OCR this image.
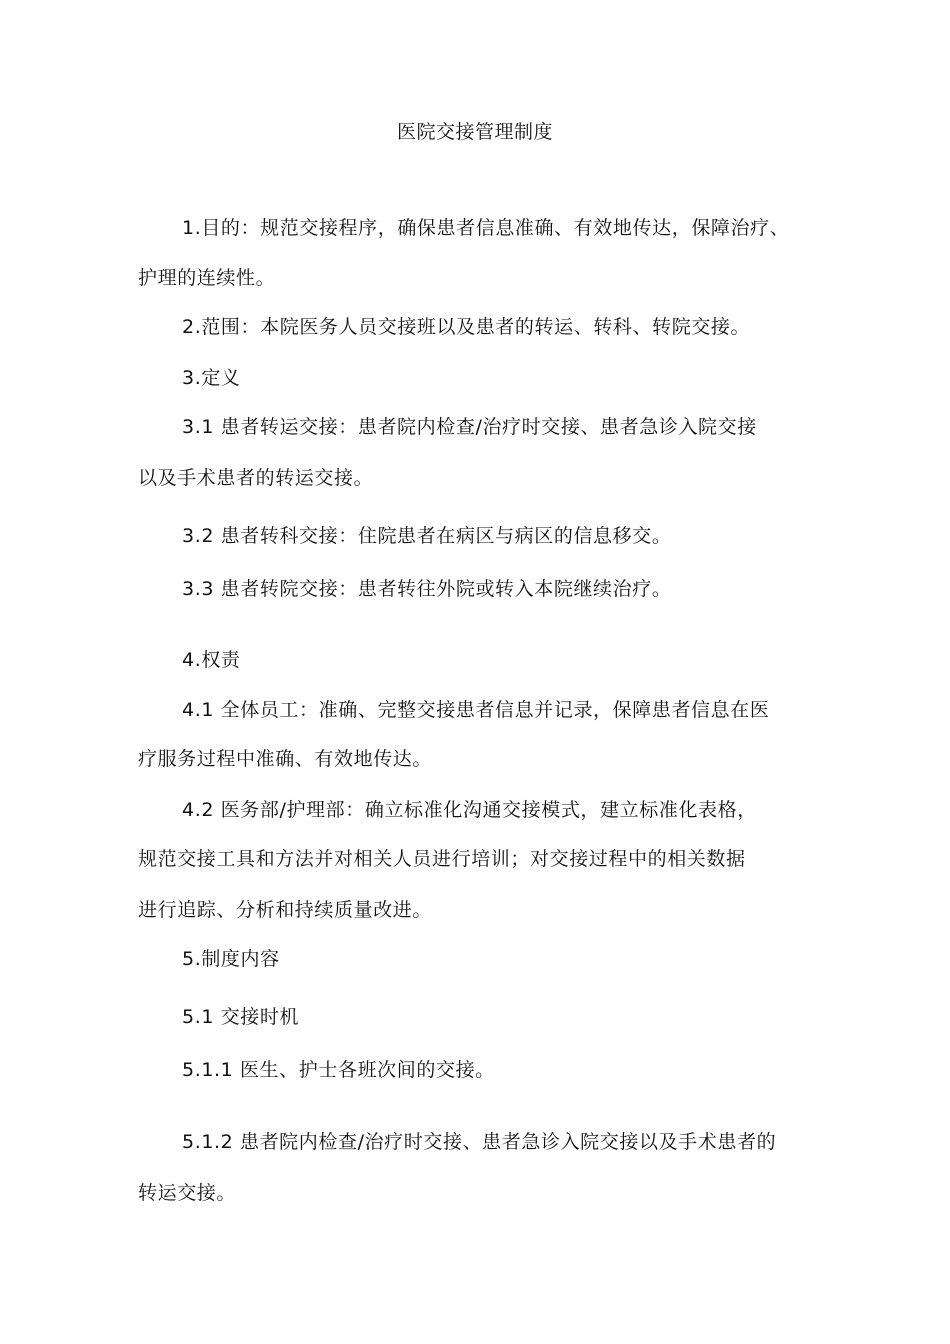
医院交接管理制度
1.目的：规范交接程序，确保患者信息准确、有效地传达，保障治疗、
护理的连续性。
2.范围：本院医务人员交接班以及患者的转运、转科、转院交接。
3.定义
3.1 患者转运交接：患者院内检查/治疗时交接、患者急诊入院交接
以及手术患者的转运交接。
3.2 患者转科交接：住院患者在病区与病区的信息移交。
3.3 患者转院交接：患者转往外院或转入本院继续治疗。
4.权责
4.1 全体员工：准确、完整交接患者信息并记录，保障患者信息在医
疗服务过程中准确、有效地传达。
4.2 医务部/护理部：确立标准化沟通交接模式，建立标准化表格，
规范交接工具和方法并对相关人员进行培训；对交接过程中的相关数据
进行追踪、分析和持续质量改进。
5.制度内容
5.1 交接时机
5.1.1 医生、护士各班次间的交接。
5.1.2 患者院内检查/治疗时交接、患者急诊入院交接以及手术患者的
转运交接。
